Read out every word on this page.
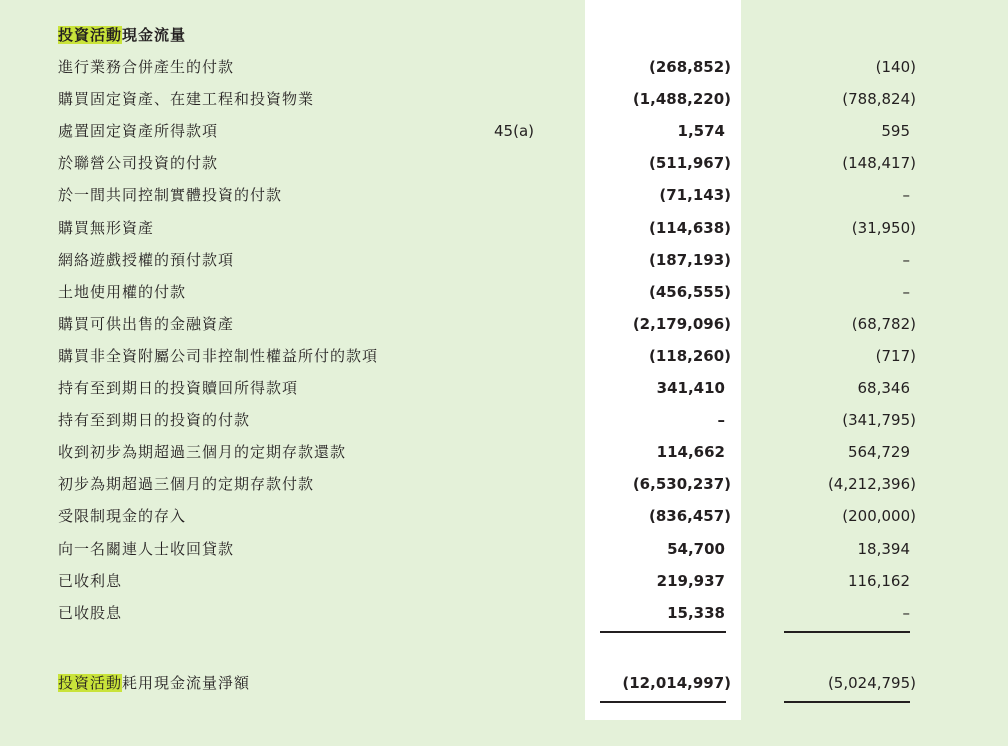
投資活動現金流量
進行業務合併產生的付款	(268,852)	(140)
購買固定資產、在建工程和投資物業	(1,488,220)	(788,824)
處置固定資產所得款項	45(a)	1,574	595
於聯營公司投資的付款	(511,967)	(148,417)
於一間共同控制實體投資的付款	(71,143)	–
購買無形資產	(114,638)	(31,950)
網絡遊戲授權的預付款項	(187,193)	–
土地使用權的付款	(456,555)	–
購買可供出售的金融資產	(2,179,096)	(68,782)
購買非全資附屬公司非控制性權益所付的款項	(118,260)	(717)
持有至到期日的投資贖回所得款項	341,410	68,346
持有至到期日的投資的付款	–	(341,795)
收到初步為期超過三個月的定期存款還款	114,662	564,729
初步為期超過三個月的定期存款付款	(6,530,237)	(4,212,396)
受限制現金的存入	(836,457)	(200,000)
向一名關連人士收回貸款	54,700	18,394
已收利息	219,937	116,162
已收股息	15,338	–
投資活動耗用現金流量淨額	(12,014,997)	(5,024,795)
